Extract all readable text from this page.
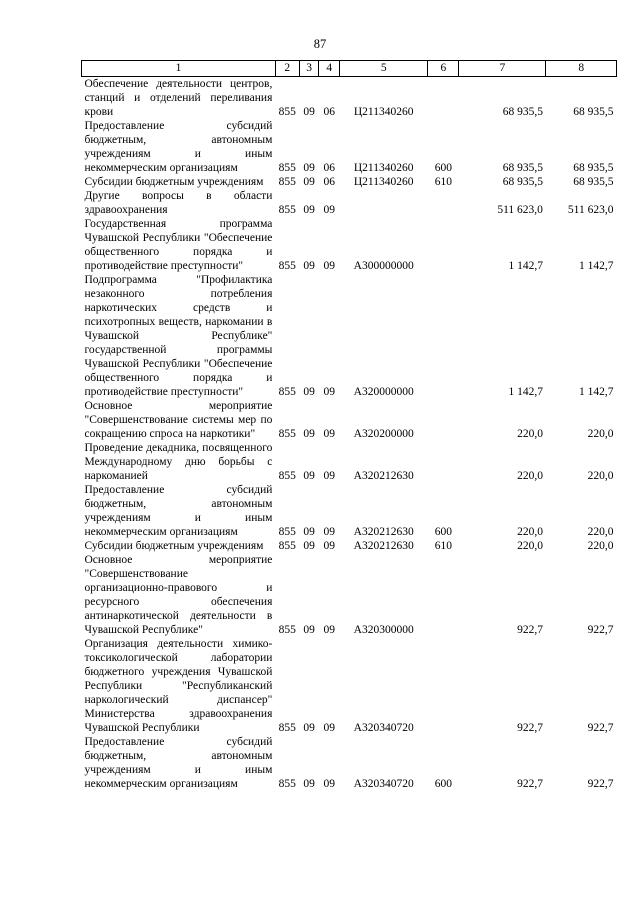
87
1	2	3	4	5	6	7	8
Обеспечение деятельности центров, станций и отделений переливания крови	855	09	06	Ц211340260		68 935,5	68 935,5
Предоставление субсидий бюджетным, автономным учреждениям и иным некоммерческим организациям	855	09	06	Ц211340260	600	68 935,5	68 935,5
Субсидии бюджетным учреждениям	855	09	06	Ц211340260	610	68 935,5	68 935,5
Другие вопросы в области здравоохранения	855	09	09			511 623,0	511 623,0
Государственная программа Чувашской Республики "Обеспечение общественного порядка и противодействие преступности"	855	09	09	А300000000		1 142,7	1 142,7
Подпрограмма "Профилактика незаконного потребления наркотических средств и психотропных веществ, наркомании в Чувашской Республике" государственной программы Чувашской Республики "Обеспечение общественного порядка и противодействие преступности"	855	09	09	А320000000		1 142,7	1 142,7
Основное мероприятие "Совершенствование системы мер по сокращению спроса на наркотики"	855	09	09	А320200000		220,0	220,0
Проведение декадника, посвященного Международному дню борьбы с наркоманией	855	09	09	А320212630		220,0	220,0
Предоставление субсидий бюджетным, автономным учреждениям и иным некоммерческим организациям	855	09	09	А320212630	600	220,0	220,0
Субсидии бюджетным учреждениям	855	09	09	А320212630	610	220,0	220,0
Основное мероприятие "Совершенствование организационно-правового и ресурсного обеспечения антинаркотической деятельности в Чувашской Республике"	855	09	09	А320300000		922,7	922,7
Организация деятельности химико-токсикологической лаборатории бюджетного учреждения Чувашской Республики "Республиканский наркологический диспансер" Министерства здравоохранения Чувашской Республики	855	09	09	А320340720		922,7	922,7
Предоставление субсидий бюджетным, автономным учреждениям и иным некоммерческим организациям	855	09	09	А320340720	600	922,7	922,7
